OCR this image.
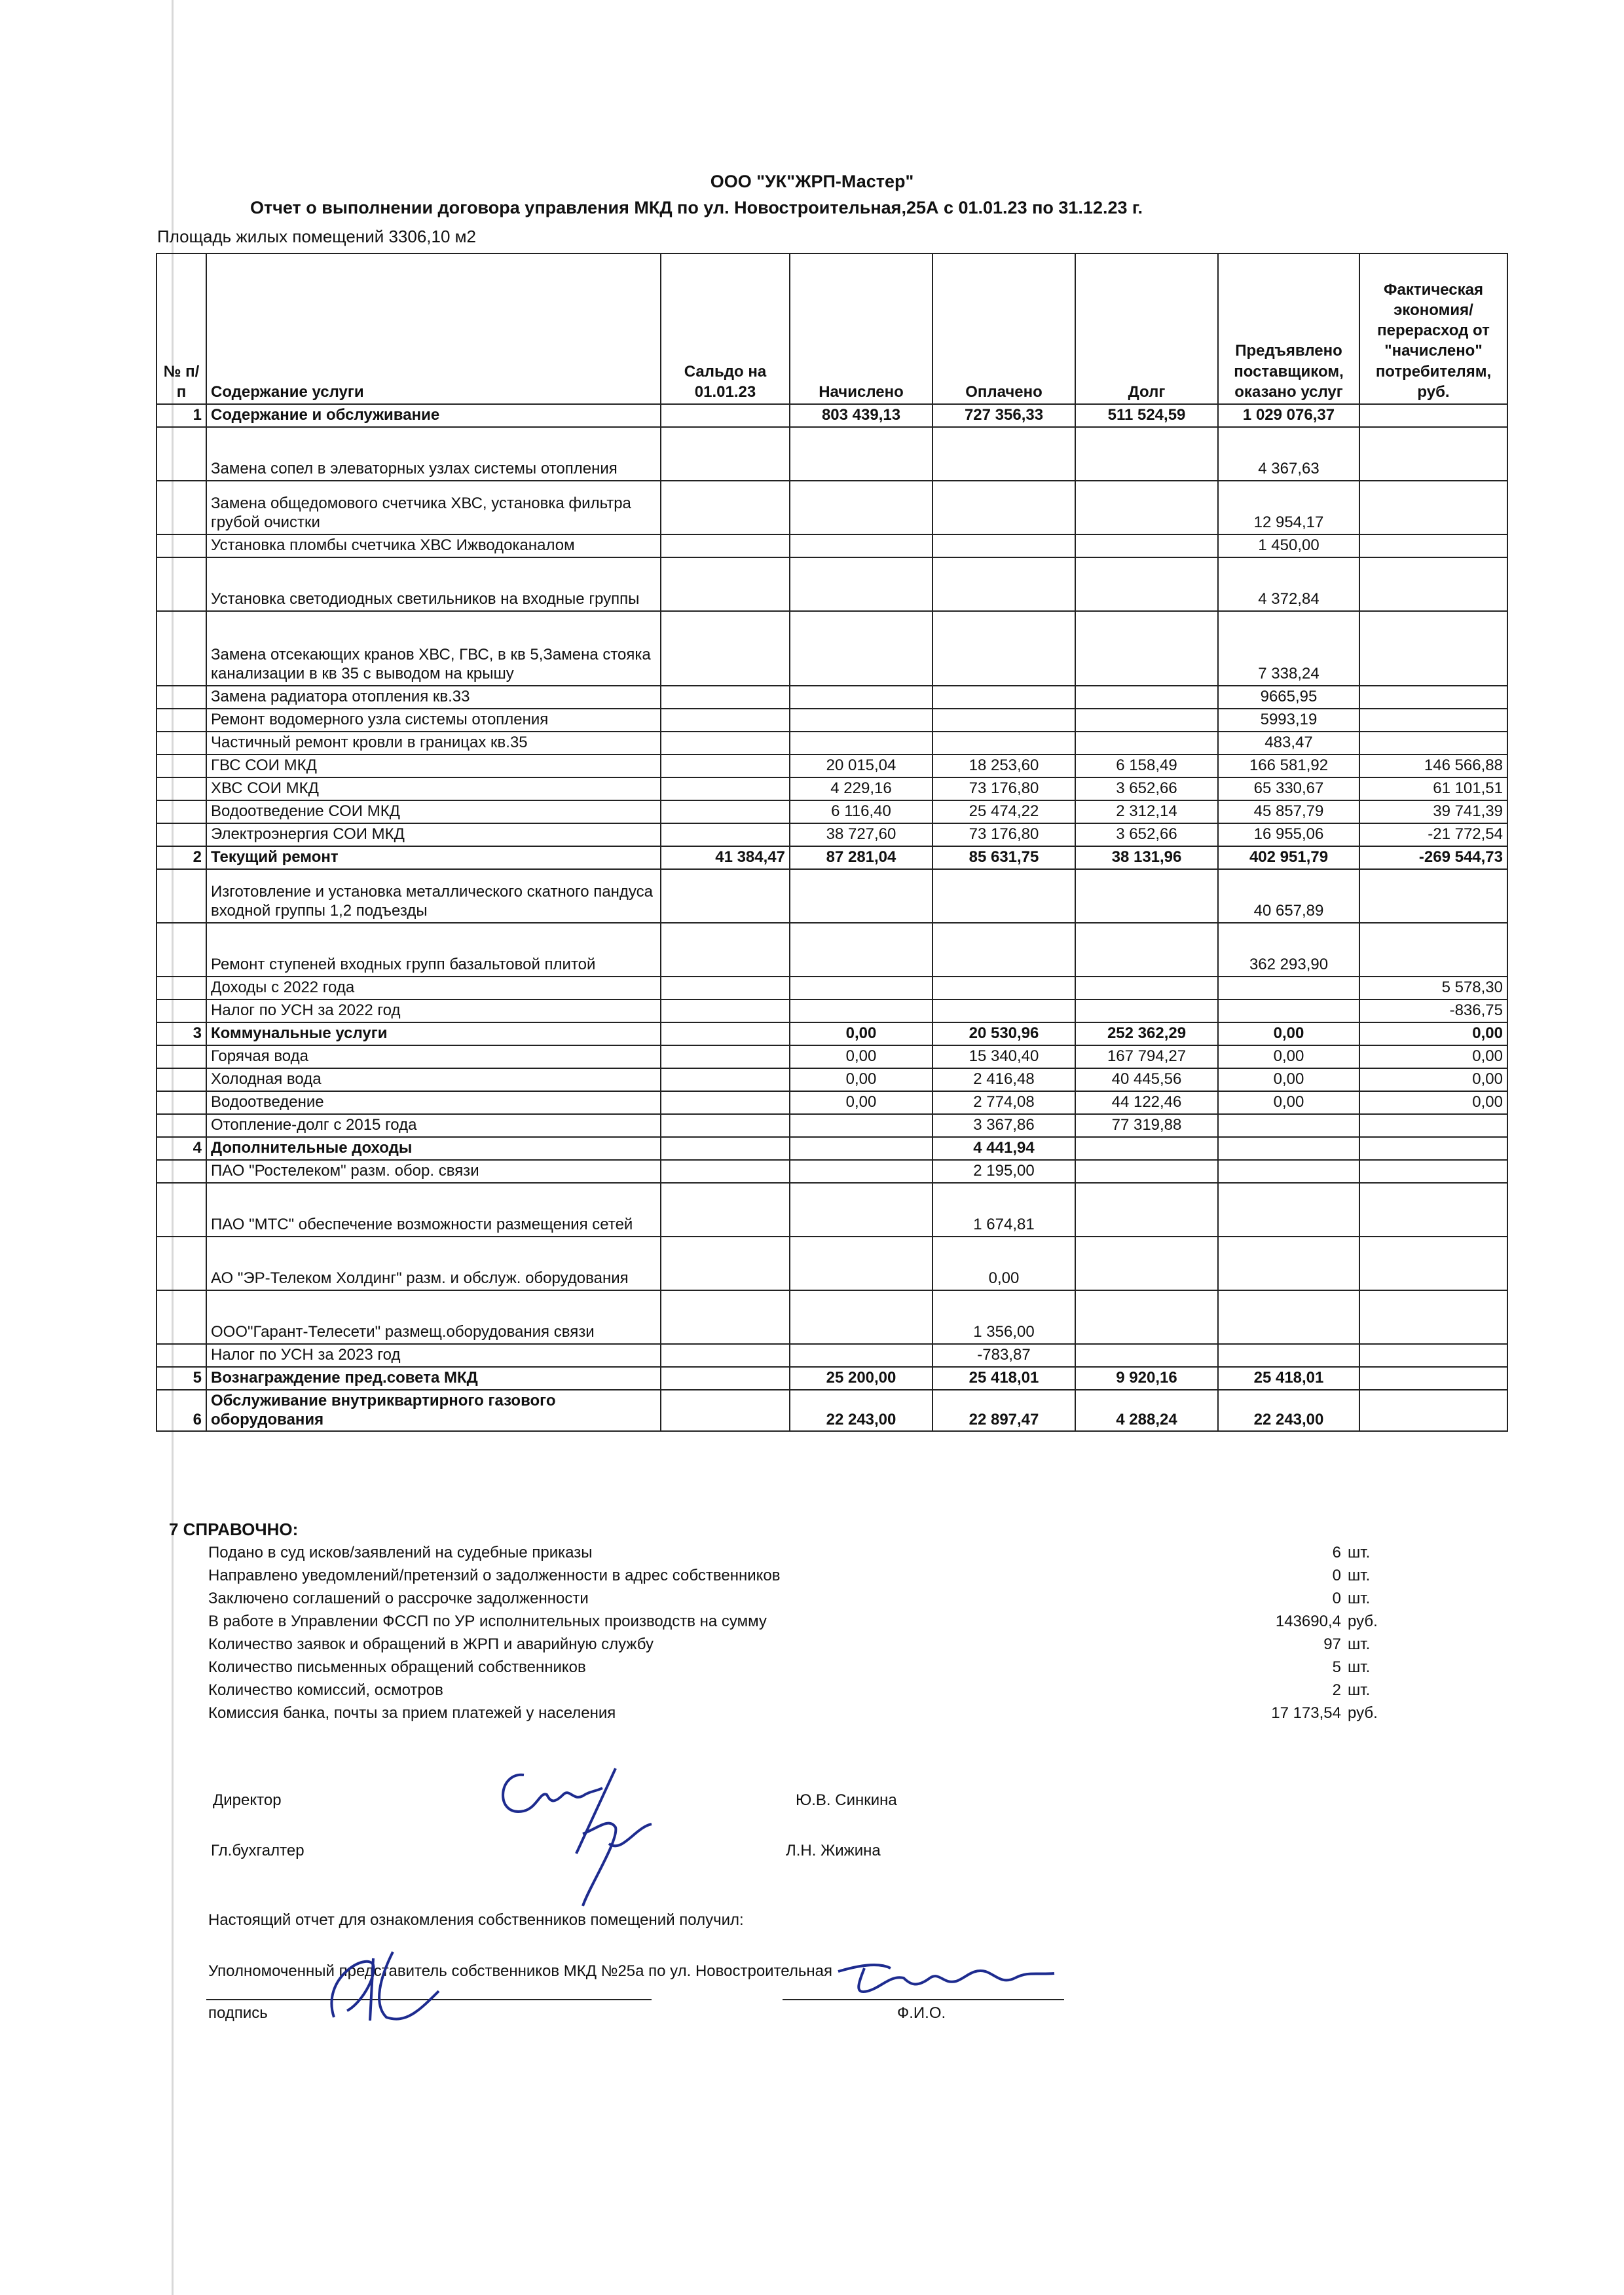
ООО "УК"ЖРП-Мастер"
Отчет о выполнении договора управления МКД по ул. Новостроительная,25А с 01.01.23 по 31.12.23 г.
Площадь жилых помещений 3306,10 м2
№ п/п	Содержание услуги	Сальдо на 01.01.23	Начислено	Оплачено	Долг	Предъявлено поставщиком, оказано услуг	Фактическая экономия/перерасход от "начислено" потребителям, руб.
1	Содержание и обслуживание		803 439,13	727 356,33	511 524,59	1 029 076,37	
	Замена сопел в элеваторных узлах системы отопления					4 367,63	
	Замена общедомового счетчика ХВС, установка фильтра грубой очистки					12 954,17	
	Установка пломбы счетчика ХВС Ижводоканалом					1 450,00	
	Установка светодиодных светильников на входные группы					4 372,84	
	Замена отсекающих кранов ХВС, ГВС, в кв 5,Замена стояка канализации в кв 35 с выводом на крышу					7 338,24	
	Замена радиатора отопления кв.33					9665,95	
	Ремонт водомерного узла системы отопления					5993,19	
	Частичный ремонт кровли в границах кв.35					483,47	
	ГВС СОИ МКД		20 015,04	18 253,60	6 158,49	166 581,92	146 566,88
	ХВС СОИ МКД		4 229,16	73 176,80	3 652,66	65 330,67	61 101,51
	Водоотведение СОИ МКД		6 116,40	25 474,22	2 312,14	45 857,79	39 741,39
	Электроэнергия СОИ МКД		38 727,60	73 176,80	3 652,66	16 955,06	-21 772,54
2	Текущий ремонт	41 384,47	87 281,04	85 631,75	38 131,96	402 951,79	-269 544,73
	Изготовление и установка металлического скатного пандуса входной группы 1,2 подъезды					40 657,89	
	Ремонт ступеней входных групп базальтовой плитой					362 293,90	
	Доходы с 2022 года						5 578,30
	Налог по УСН за 2022 год						-836,75
3	Коммунальные услуги		0,00	20 530,96	252 362,29	0,00	0,00
	Горячая вода		0,00	15 340,40	167 794,27	0,00	0,00
	Холодная вода		0,00	2 416,48	40 445,56	0,00	0,00
	Водоотведение		0,00	2 774,08	44 122,46	0,00	0,00
	Отопление-долг с 2015 года			3 367,86	77 319,88		
4	Дополнительные доходы			4 441,94			
	ПАО "Ростелеком" разм. обор. связи			2 195,00			
	ПАО "МТС" обеспечение возможности размещения сетей			1 674,81			
	АО "ЭР-Телеком Холдинг" разм. и обслуж. оборудования			0,00			
	ООО"Гарант-Телесети" размещ.оборудования связи			1 356,00			
	Налог по УСН за 2023 год			-783,87			
5	Вознаграждение пред.совета МКД		25 200,00	25 418,01	9 920,16	25 418,01	
6	Обслуживание внутриквартирного газового оборудования		22 243,00	22 897,47	4 288,24	22 243,00	
7 СПРАВОЧНО:
Подано в суд исков/заявлений на судебные приказы	6 шт.
Направлено уведомлений/претензий о задолженности в адрес собственников	0 шт.
Заключено соглашений о рассрочке задолженности	0 шт.
В работе в Управлении ФССП по УР исполнительных производств на сумму	143690,4 руб.
Количество заявок и обращений в ЖРП и аварийную службу	97 шт.
Количество письменных обращений собственников	5 шт.
Количество комиссий, осмотров	2 шт.
Комиссия банка, почты за прием платежей у населения	17 173,54 руб.
Директор	Ю.В. Синкина
Гл.бухгалтер	Л.Н. Жижина
Настоящий отчет для ознакомления собственников помещений получил:
Уполномоченный представитель собственников МКД №25а по ул. Новостроительная
подпись	Ф.И.О.
